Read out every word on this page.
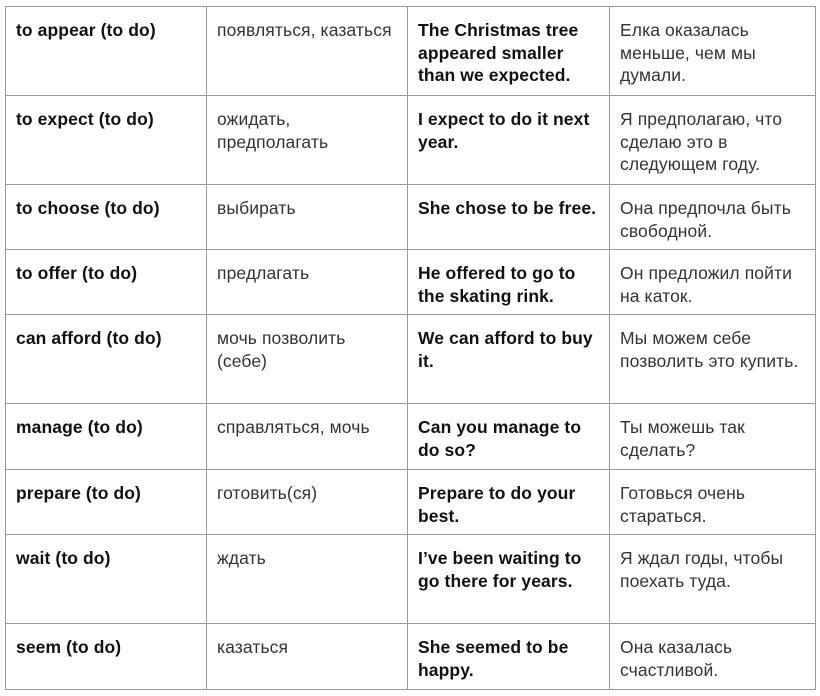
to appear (to do)	появляться, казаться	The Christmas tree appeared smaller than we expected.	Елка оказалась меньше, чем мы думали.
to expect (to do)	ожидать, предполагать	I expect to do it next year.	Я предполагаю, что сделаю это в следующем году.
to choose (to do)	выбирать	She chose to be free.	Она предпочла быть свободной.
to offer (to do)	предлагать	He offered to go to the skating rink.	Он предложил пойти на каток.
can afford (to do)	мочь позволить (себе)	We can afford to buy it.	Мы можем себе позволить это купить.
manage (to do)	справляться, мочь	Can you manage to do so?	Ты можешь так сделать?
prepare (to do)	готовить(ся)	Prepare to do your best.	Готовься очень стараться.
wait (to do)	ждать	I’ve been waiting to go there for years.	Я ждал годы, чтобы поехать туда.
seem (to do)	казаться	She seemed to be happy.	Она казалась счастливой.
